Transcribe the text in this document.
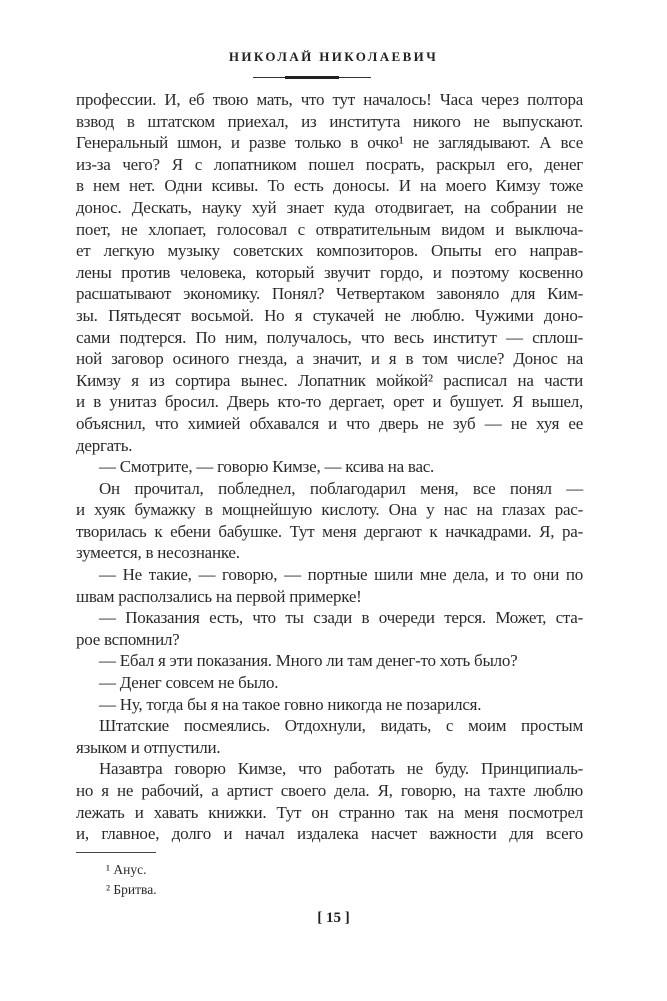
НИКОЛАЙ НИКОЛАЕВИЧ
профессии. И, еб твою мать, что тут началось! Часа через полтора
взвод в штатском приехал, из института никого не выпускают.
Генеральный шмон, и разве только в очко¹ не заглядывают. А все
из-за чего? Я с лопатником пошел посрать, раскрыл его, денег
в нем нет. Одни ксивы. То есть доносы. И на моего Кимзу тоже
донос. Дескать, науку хуй знает куда отодвигает, на собрании не
поет, не хлопает, голосовал с отвратительным видом и выключа-
ет легкую музыку советских композиторов. Опыты его направ-
лены против человека, который звучит гордо, и поэтому косвенно
расшатывают экономику. Понял? Четвертаком завоняло для Ким-
зы. Пятьдесят восьмой. Но я стукачей не люблю. Чужими доно-
сами подтерся. По ним, получалось, что весь институт — сплош-
ной заговор осиного гнезда, а значит, и я в том числе? Донос на
Кимзу я из сортира вынес. Лопатник мойкой² расписал на части
и в унитаз бросил. Дверь кто-то дергает, орет и бушует. Я вышел,
объяснил, что химией обхавался и что дверь не зуб — не хуя ее
дергать.
— Смотрите, — говорю Кимзе, — ксива на вас.
Он прочитал, побледнел, поблагодарил меня, все понял —
и хуяк бумажку в мощнейшую кислоту. Она у нас на глазах рас-
творилась к ебени бабушке. Тут меня дергают к начкадрами. Я, ра-
зумеется, в несознанке.
— Не такие, — говорю, — портные шили мне дела, и то они по
швам расползались на первой примерке!
— Показания есть, что ты сзади в очереди терся. Может, ста-
рое вспомнил?
— Ебал я эти показания. Много ли там денег-то хоть было?
— Денег совсем не было.
— Ну, тогда бы я на такое говно никогда не позарился.
Штатские посмеялись. Отдохнули, видать, с моим простым
языком и отпустили.
Назавтра говорю Кимзе, что работать не буду. Принципиаль-
но я не рабочий, а артист своего дела. Я, говорю, на тахте люблю
лежать и хавать книжки. Тут он странно так на меня посмотрел
и, главное, долго и начал издалека насчет важности для всего
¹ Анус.
² Бритва.
[ 15 ]
